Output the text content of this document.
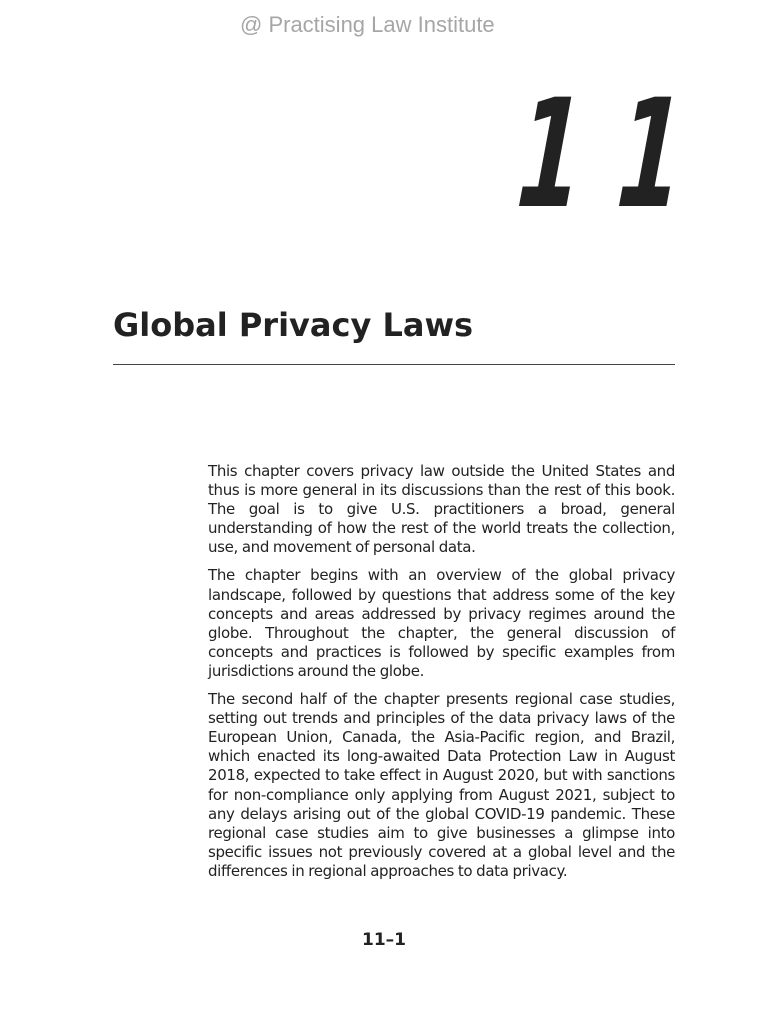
@ Practising Law Institute
1 1
Global Privacy Laws

This chapter covers privacy law outside the United States and thus is more general in its discussions than the rest of this book. The goal is to give U.S. practitioners a broad, general understanding of how the rest of the world treats the collection, use, and movement of personal data.

The chapter begins with an overview of the global privacy landscape, followed by questions that address some of the key concepts and areas addressed by privacy regimes around the globe. Throughout the chapter, the general discussion of concepts and practices is followed by specific examples from jurisdictions around the globe.

The second half of the chapter presents regional case studies, setting out trends and principles of the data privacy laws of the European Union, Canada, the Asia-Pacific region, and Brazil, which enacted its long-awaited Data Protection Law in August 2018, expected to take effect in August 2020, but with sanctions for non-compliance only applying from August 2021, subject to any delays arising out of the global COVID-19 pandemic. These regional case studies aim to give businesses a glimpse into specific issues not previously covered at a global level and the differences in regional approaches to data privacy.

11–1
